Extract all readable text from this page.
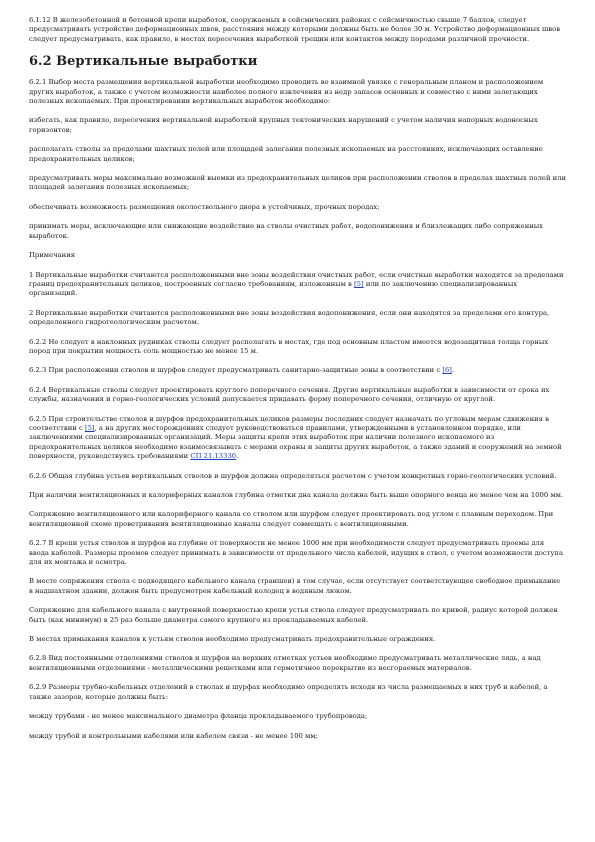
6.1.12 В железобетонной и бетонной крепи выработок, сооружаемых в сейсмических районах с сейсмичностью свыше 7 баллов, следует предусматривать устройство деформационных швов, расстояния между которыми должны быть не более 30 м. Устройство деформационных швов следует предусматривать, как правило, в местах пересечения выработкой трещин или контактов между породами различной прочности.

6.2 Вертикальные выработки

6.2.1 Выбор места размещения вертикальной выработки необходимо проводить во взаимной увязке с генеральным планом и расположением других выработок, а также с учетом возможности наиболее полного извлечения из недр запасов основных и совместно с ними залегающих полезных ископаемых. При проектировании вертикальных выработок необходимо:

избегать, как правило, пересечения вертикальной выработкой крупных тектонических нарушений с учетом наличия напорных водоносных горизонтов;

располагать стволы за пределами шахтных полей или площадей залегания полезных ископаемых на расстояниях, исключающих оставление предохранительных целиков;

предусматривать меры максимально возможной выемки из предохранительных целиков при расположении стволов в пределах шахтных полей или площадей залегания полезных ископаемых;

обеспечивать возможность размещения околоствольного двора в устойчивых, прочных породах;

принимать меры, исключающие или снижающие воздействие на стволы очистных работ, водопонижения и близлежащих либо сопряженных выработок.

Примечания

1 Вертикальные выработки считаются расположенными вне зоны воздействия очистных работ, если очистные выработки находятся за пределами границ предохранительных целиков, построенных согласно требованиям, изложенным в [5] или по заключению специализированных организаций.

2 Вертикальные выработки считаются расположенными вне зоны воздействия водопонижения, если они находятся за пределами его контура, определенного гидрогеологическим расчетом.

6.2.2 Не следует в наклонных рудниках стволы следует располагать в местах, где под основным пластом имеется водозащитная толща горных пород при покрытии мощность соль мощностью не менее 15 м.

6.2.3 При расположении стволов и шурфов следует предусматривать санитарно-защитные зоны в соответствии с [6].

6.2.4 Вертикальные стволы следует проектировать круглого поперечного сечения. Другие вертикальные выработки в зависимости от срока их службы, назначения и горно-геологических условий допускается придавать форму поперечного сечения, отличную от круглой.

6.2.5 При строительстве стволов и шурфов предохранительных целиков размеры последних следует назначать по угловым мерам сдвижения в соответствии с [5], а на других месторождениях следует руководствоваться правилами, утвержденными в установленном порядке, или заключениями специализированных организаций. Меры защиты крепи этих выработок при наличии полезного ископаемого из предохранительных целиков необходимо взаимосвязывать с мерами охраны и защиты других выработок, а также зданий и сооружений на земной поверхности, руководствуясь требованиями СП 21.13330.

6.2.6 Общая глубина устьев вертикальных стволов и шурфов должна определяться расчетом с учетом конкретных горно-геологических условий.

При наличии вентиляционных и калориферных каналов глубина отметки дна канала должна быть выше опорного венца не менее чем на 1000 мм.

Сопряжение вентиляционного или калориферного канала со стволом или шурфом следует проектировать под углом с плавным переходом. При вентиляционной схеме проветривания вентиляционные каналы следует совмещать с вентиляционными.

6.2.7 В крепи устья стволов и шурфов на глубине от поверхности не менее 1000 мм при необходимости следует предусматривать проемы для ввода кабелей. Размеры проемов следует принимать в зависимости от предельного числа кабелей, идущих в ствол, с учетом возможности доступа для их монтажа и осмотра.

В месте сопряжения ствола с подводящего кабельного канала (траншеи) в том случае, если отсутствует соответствующее свободное примыкание в надшахтном здании, должен быть предусмотрен кабельный колодец в водяным люком.

Сопряжение для кабельного канала с внутренней поверхностью крепи устья ствола следует предусматривать по кривой, радиус которой должен быть (как минимум) в 25 раз больше диаметра самого крупного из прокладываемых кабелей.

В местах примыкания каналов к устьям стволов необходимо предусматривать предохранительные ограждения.

6.2.8 Вид постоянными отделениями стволов и шурфов на верхних отметках устьев необходимо предусматривать металлические лядь, а над вентиляционными отделениями - металлическими решетками или герметичное перекрытие из несгораемых материалов.

6.2.9 Размеры трубно-кабельных отделений в стволах и шурфах необходимо определять исходя из числа размещаемых в них труб и кабелей, а также зазоров, которые должны быть:

между трубами - не менее максимального диаметра фланца прокладываемого трубопровода;

между трубой и контрольными кабелями или кабелем связи - не менее 100 мм;
